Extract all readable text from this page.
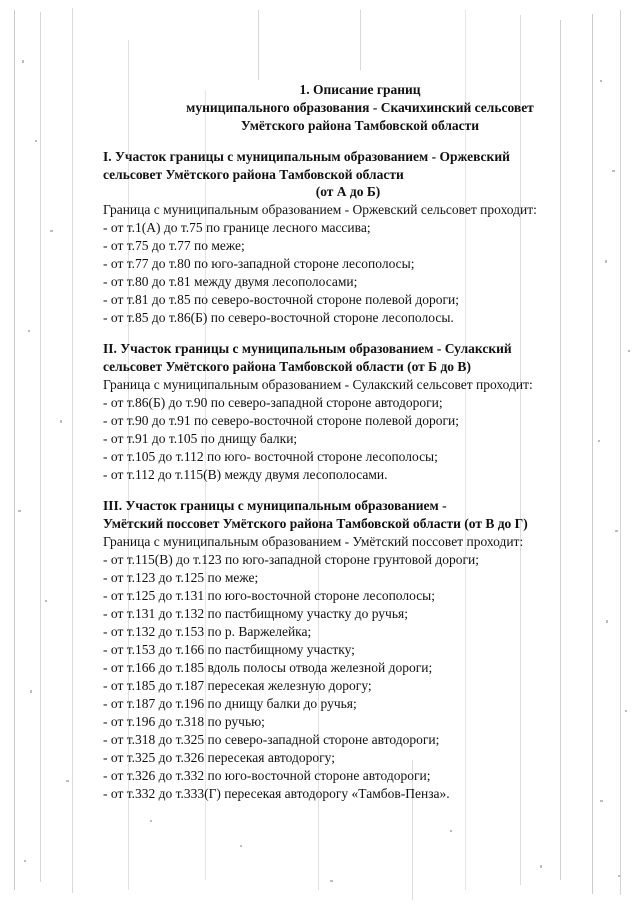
1. Описание границ
муниципального образования - Скачихинский сельсовет
Умётского района Тамбовской области
I. Участок границы с муниципальным образованием - Оржевский
сельсовет Умётского района Тамбовской области
(от А до Б)
Граница с муниципальным образованием - Оржевский сельсовет проходит:
- от т.1(А) до т.75 по границе лесного массива;
- от т.75 до т.77 по меже;
- от т.77 до т.80 по юго-западной стороне лесополосы;
- от т.80 до т.81 между двумя лесополосами;
- от т.81 до т.85 по северо-восточной стороне полевой дороги;
- от т.85 до т.86(Б) по северо-восточной стороне лесополосы.
II. Участок границы с муниципальным образованием - Сулакский
сельсовет Умётского района Тамбовской области (от Б до В)
Граница с муниципальным образованием - Сулакский сельсовет проходит:
- от т.86(Б) до т.90 по северо-западной стороне автодороги;
- от т.90 до т.91 по северо-восточной стороне полевой дороги;
- от т.91 до т.105 по днищу балки;
- от т.105 до т.112 по юго- восточной стороне лесополосы;
- от т.112 до т.115(В) между двумя лесополосами.
III. Участок границы с муниципальным образованием -
Умётский поссовет Умётского района Тамбовской области (от В до Г)
Граница с муниципальным образованием - Умётский поссовет проходит:
- от т.115(В) до т.123 по юго-западной стороне грунтовой дороги;
- от т.123 до т.125 по меже;
- от т.125 до т.131 по юго-восточной стороне лесополосы;
- от т.131 до т.132 по пастбищному участку до ручья;
- от т.132 до т.153 по р. Варжелейка;
- от т.153 до т.166 по пастбищному участку;
- от т.166 до т.185 вдоль полосы отвода железной дороги;
- от т.185 до т.187 пересекая железную дорогу;
- от т.187 до т.196 по днищу балки до ручья;
- от т.196 до т.318 по ручью;
- от т.318 до т.325 по северо-западной стороне автодороги;
- от т.325 до т.326 пересекая автодорогу;
- от т.326 до т.332 по юго-восточной стороне автодороги;
- от т.332 до т.333(Г) пересекая автодорогу «Тамбов-Пенза».
